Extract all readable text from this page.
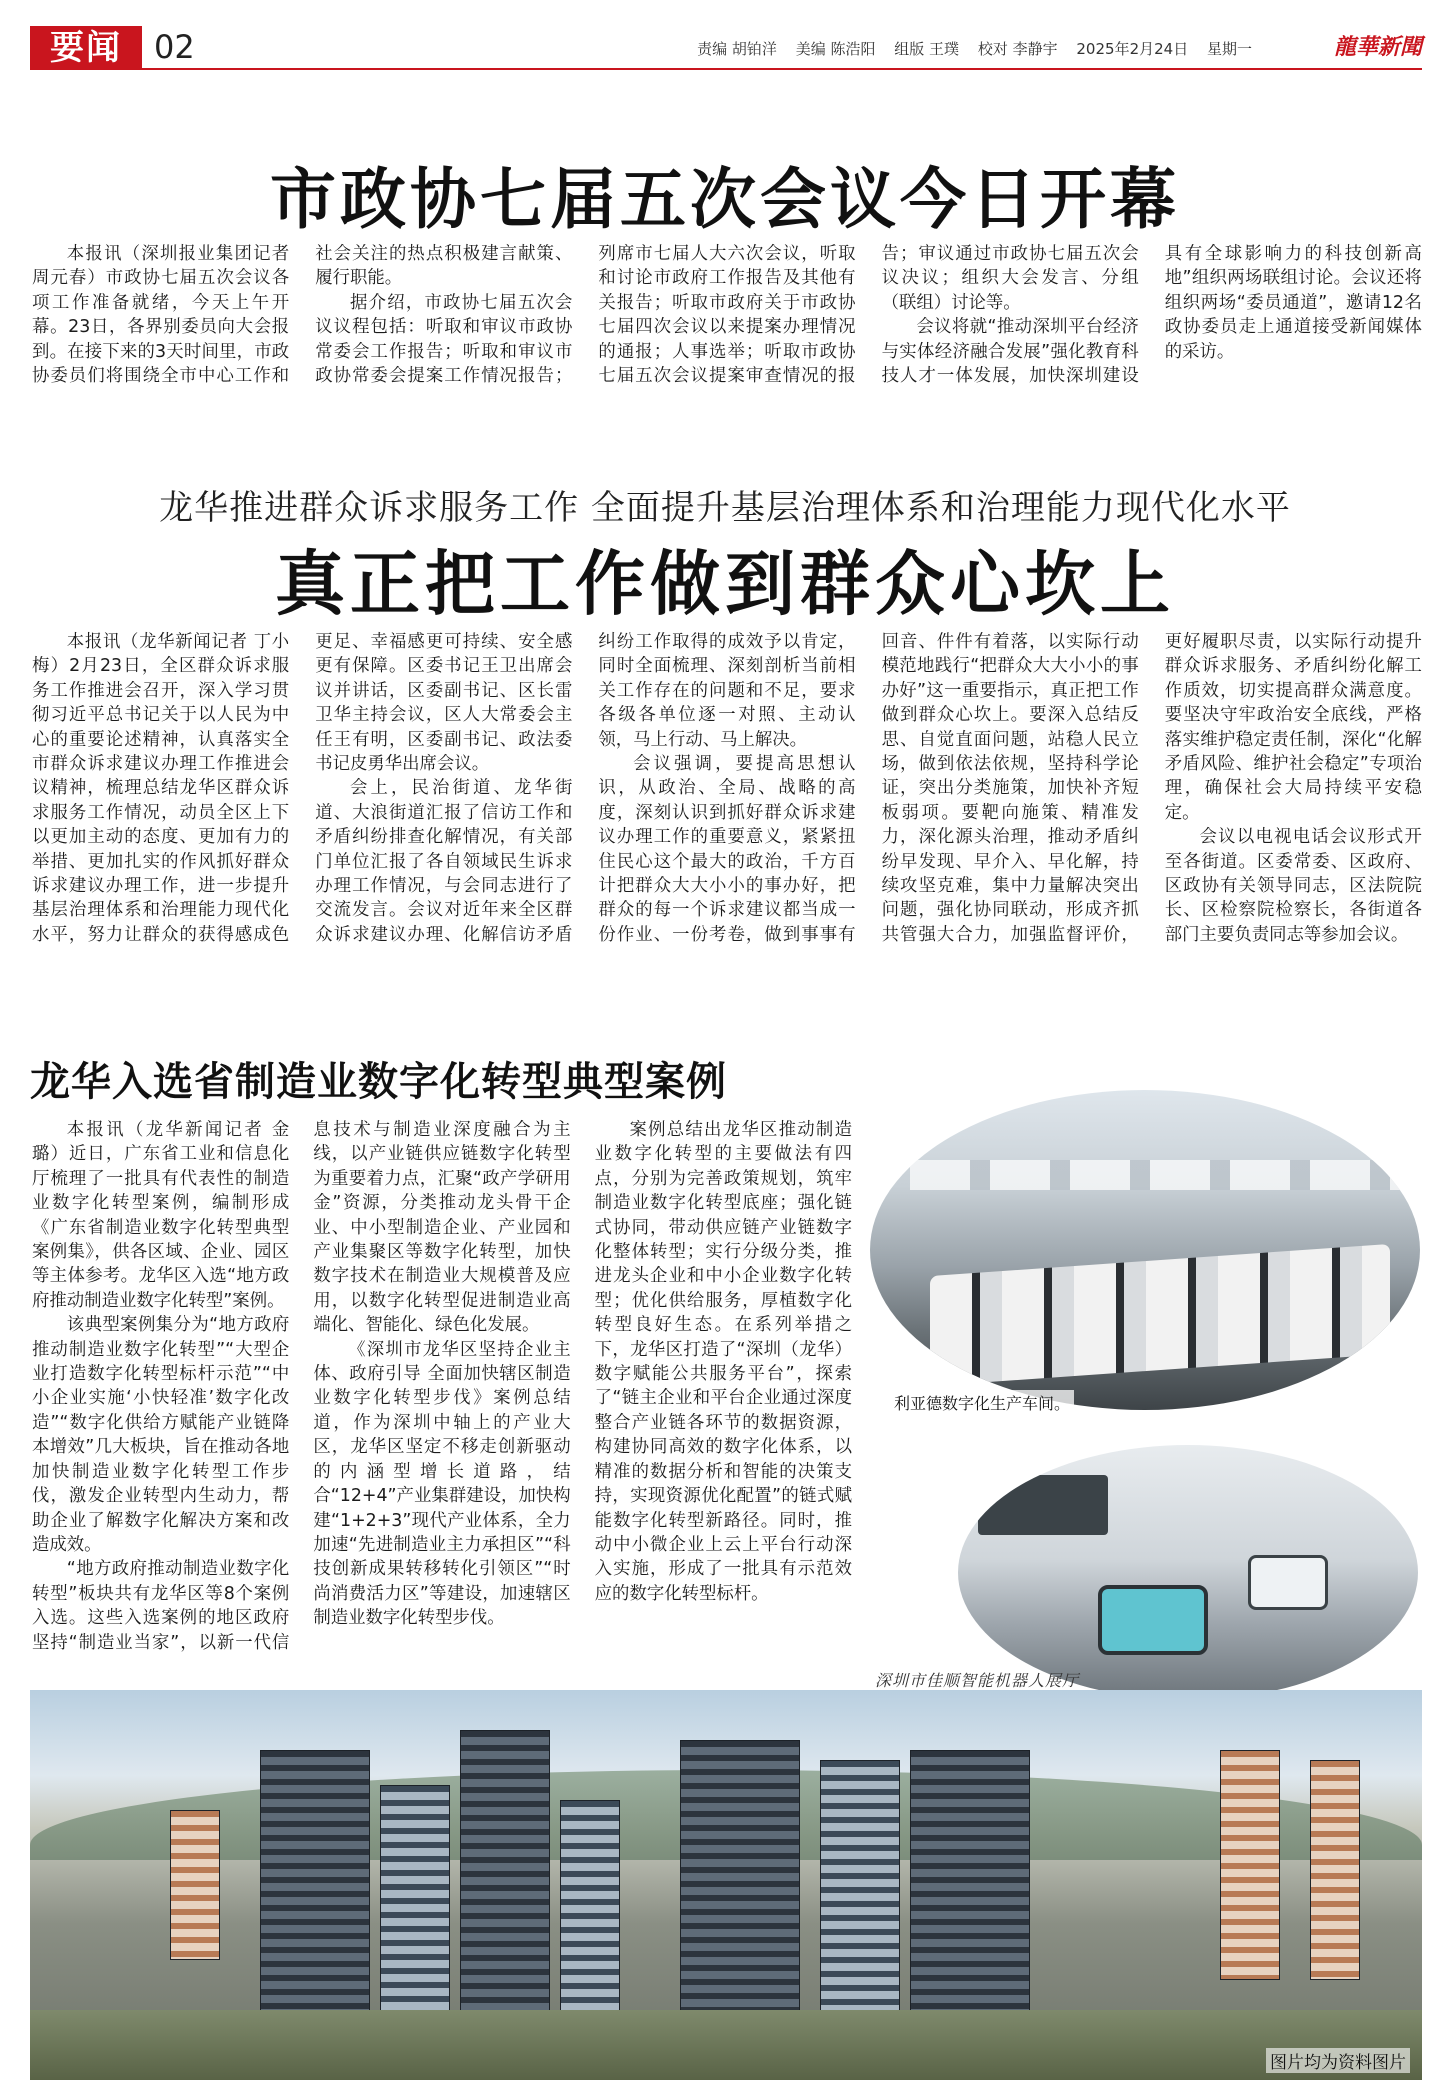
要闻	02	责编 胡铂洋 美编 陈浩阳 组版 王璞 校对 李静宇 2025年2月24日 星期一	龍華新聞
市政协七届五次会议今日开幕

本报讯（深圳报业集团记者 周元春）市政协七届五次会议各项工作准备就绪，今天上午开幕。23日，各界别委员向大会报到。在接下来的3天时间里，市政协委员们将围绕全市中心工作和社会关注的热点积极建言献策、履行职能。

据介绍，市政协七届五次会议议程包括：听取和审议市政协常委会工作报告；听取和审议市政协常委会提案工作情况报告；列席市七届人大六次会议，听取和讨论市政府工作报告及其他有关报告；听取市政府关于市政协七届四次会议以来提案办理情况的通报；人事选举；听取市政协七届五次会议提案审查情况的报告；审议通过市政协七届五次会议决议；组织大会发言、分组（联组）讨论等。

会议将就“推动深圳平台经济与实体经济融合发展”强化教育科技人才一体发展，加快深圳建设具有全球影响力的科技创新高地”组织两场联组讨论。会议还将组织两场“委员通道”，邀请12名政协委员走上通道接受新闻媒体的采访。

龙华推进群众诉求服务工作 全面提升基层治理体系和治理能力现代化水平
真正把工作做到群众心坎上

本报讯（龙华新闻记者 丁小梅）2月23日，全区群众诉求服务工作推进会召开，深入学习贯彻习近平总书记关于以人民为中心的重要论述精神，认真落实全市群众诉求建议办理工作推进会议精神，梳理总结龙华区群众诉求服务工作情况，动员全区上下以更加主动的态度、更加有力的举措、更加扎实的作风抓好群众诉求建议办理工作，进一步提升基层治理体系和治理能力现代化水平，努力让群众的获得感成色更足、幸福感更可持续、安全感更有保障。区委书记王卫出席会议并讲话，区委副书记、区长雷卫华主持会议，区人大常委会主任王有明，区委副书记、政法委书记皮勇华出席会议。

会上，民治街道、龙华街道、大浪街道汇报了信访工作和矛盾纠纷排查化解情况，有关部门单位汇报了各自领域民生诉求办理工作情况，与会同志进行了交流发言。会议对近年来全区群众诉求建议办理、化解信访矛盾纠纷工作取得的成效予以肯定，同时全面梳理、深刻剖析当前相关工作存在的问题和不足，要求各级各单位逐一对照、主动认领，马上行动、马上解决。

会议强调，要提高思想认识，从政治、全局、战略的高度，深刻认识到抓好群众诉求建议办理工作的重要意义，紧紧扭住民心这个最大的政治，千方百计把群众大大小小的事办好，把群众的每一个诉求建议都当成一份作业、一份考卷，做到事事有回音、件件有着落，以实际行动模范地践行“把群众大大小小的事办好”这一重要指示，真正把工作做到群众心坎上。要深入总结反思、自觉直面问题，站稳人民立场，做到依法依规，坚持科学论证，突出分类施策，加快补齐短板弱项。要靶向施策、精准发力，深化源头治理，推动矛盾纠纷早发现、早介入、早化解，持续攻坚克难，集中力量解决突出问题，强化协同联动，形成齐抓共管强大合力，加强监督评价，更好履职尽责，以实际行动提升群众诉求服务、矛盾纠纷化解工作质效，切实提高群众满意度。要坚决守牢政治安全底线，严格落实维护稳定责任制，深化“化解矛盾风险、维护社会稳定”专项治理，确保社会大局持续平安稳定。

会议以电视电话会议形式开至各街道。区委常委、区政府、区政协有关领导同志，区法院院长、区检察院检察长，各街道各部门主要负责同志等参加会议。

龙华入选省制造业数字化转型典型案例

本报讯（龙华新闻记者 金璐）近日，广东省工业和信息化厅梳理了一批具有代表性的制造业数字化转型案例，编制形成《广东省制造业数字化转型典型案例集》，供各区域、企业、园区等主体参考。龙华区入选“地方政府推动制造业数字化转型”案例。

该典型案例集分为“地方政府推动制造业数字化转型”“大型企业打造数字化转型标杆示范”“中小企业实施‘小快轻准’数字化改造”“数字化供给方赋能产业链降本增效”几大板块，旨在推动各地加快制造业数字化转型工作步伐，激发企业转型内生动力，帮助企业了解数字化解决方案和改造成效。

“地方政府推动制造业数字化转型”板块共有龙华区等8个案例入选。这些入选案例的地区政府坚持“制造业当家”，以新一代信息技术与制造业深度融合为主线，以产业链供应链数字化转型为重要着力点，汇聚“政产学研用金”资源，分类推动龙头骨干企业、中小型制造企业、产业园和产业集聚区等数字化转型，加快数字技术在制造业大规模普及应用，以数字化转型促进制造业高端化、智能化、绿色化发展。

《深圳市龙华区坚持企业主体、政府引导 全面加快辖区制造业数字化转型步伐》案例总结道，作为深圳中轴上的产业大区，龙华区坚定不移走创新驱动的内涵型增长道路，结合“12+4”产业集群建设，加快构建“1+2+3”现代产业体系，全力加速“先进制造业主力承担区”“科技创新成果转移转化引领区”“时尚消费活力区”等建设，加速辖区制造业数字化转型步伐。

案例总结出龙华区推动制造业数字化转型的主要做法有四点，分别为完善政策规划，筑牢制造业数字化转型底座；强化链式协同，带动供应链产业链数字化整体转型；实行分级分类，推进龙头企业和中小企业数字化转型；优化供给服务，厚植数字化转型良好生态。在系列举措之下，龙华区打造了“深圳（龙华）数字赋能公共服务平台”，探索了“链主企业和平台企业通过深度整合产业链各环节的数据资源，构建协同高效的数字化体系，以精准的数据分析和智能的决策支持，实现资源优化配置”的链式赋能数字化转型新路径。同时，推动中小微企业上云上平台行动深入实施，形成了一批具有示范效应的数字化转型标杆。

利亚德数字化生产车间。
深圳市佳顺智能机器人展厅
图片均为资料图片
